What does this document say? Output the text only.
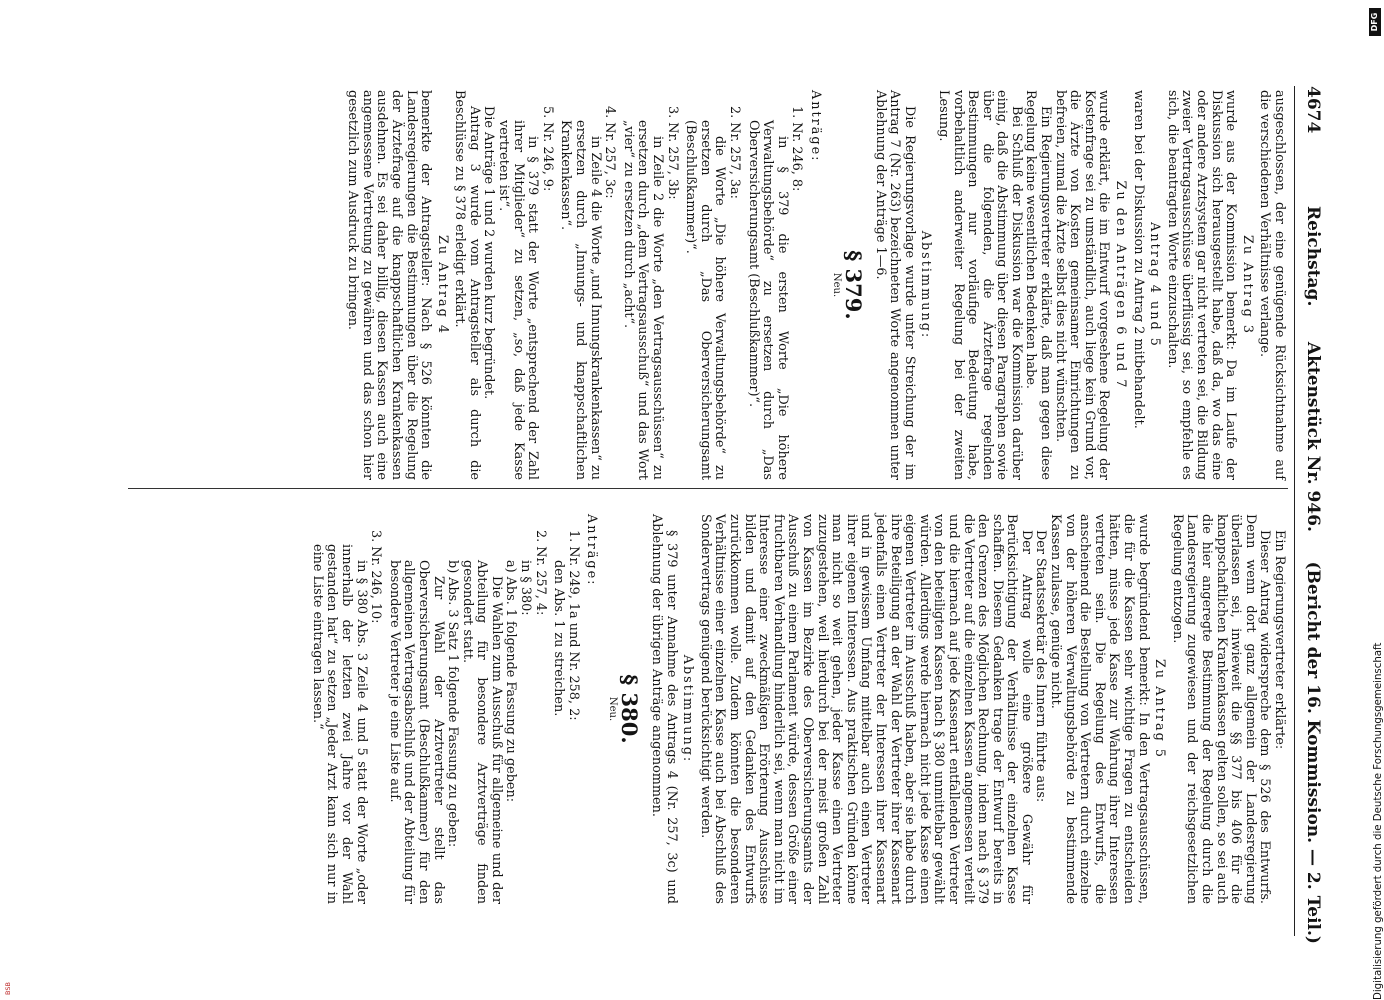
4674
Reichstag.      Aktenstück Nr. 946.     (Bericht der 16. Kommission. — 2. Teil.)

ausgeschlossen, der eine genügende Rücksichtnahme auf die verschiedenen Verhältnisse verlange.

Zu Antrag 3

wurde aus der Kommission bemerkt: Da im Laufe der Diskussion sich herausgestellt habe, daß da, wo das eine oder andere Arztsystem gar nicht vertreten sei, die Bildung zweier Vertragsausschüsse überflüssig sei, so empfehle es sich, die beantragten Worte einzuschalten.

Antrag 4 und 5

waren bei der Diskussion zu Antrag 2 mitbehandelt.

Zu den Anträgen 6 und 7

wurde erklärt, die im Entwurf vorgesehene Regelung der Kostenfrage sei zu umständlich, auch liege kein Grund vor, die Ärzte von Kosten gemeinsamer Einrichtungen zu befreien, zumal die Ärzte selbst dies nicht wünschten.

Ein Regierungsvertreter erklärte, daß man gegen diese Regelung keine wesentlichen Bedenken habe.

Bei Schluß der Diskussion war die Kommission darüber einig, daß die Abstimmung über diesen Paragraphen sowie über die folgenden, die Ärztefrage regelnden Bestimmungen nur vorläufige Bedeutung habe, vorbehaltlich anderweiter Regelung bei der zweiten Lesung.

Abstimmung:

Die Regierungsvorlage wurde unter Streichung der im Antrag 7 (Nr. 263) bezeichneten Worte angenommen unter Ablehnung der Anträge 1—6.

§ 379.
Neu.

Anträge:

1. Nr. 246, 8:

in § 379 die ersten Worte „Die höhere Verwaltungsbehörde“ zu ersetzen durch „Das Oberversicherungsamt (Beschlußkammer)“.

2. Nr. 257, 3a:

die Worte „Die höhere Verwaltungsbehörde“ zu ersetzen durch „Das Oberversicherungsamt (Beschlußkammer)“.

3. Nr. 257, 3b:

in Zeile 2 die Worte „den Vertragsausschüssen“ zu ersetzen durch „dem Vertragsausschuß“ und das Wort „vier“ zu ersetzen durch „acht“.

4. Nr. 257, 3c:

in Zeile 4 die Worte „und Innungskrankenkassen“ zu ersetzen durch „Innungs- und knappschaftlichen Krankenkassen“.

5. Nr. 246, 9:

in § 379 statt der Worte „entsprechend der Zahl ihrer Mitglieder“ zu setzen, „so, daß jede Kasse vertreten ist“.

Die Anträge 1 und 2 wurden kurz begründet.

Antrag 3 wurde vom Antragsteller als durch die Beschlüsse zu § 378 erledigt erklärt.

Zu Antrag 4

bemerkte der Antragsteller: Nach § 526 könnten die Landesregierungen die Bestimmungen über die Regelung der Ärztefrage auf die knappschaftlichen Krankenkassen ausdehnen. Es sei daher billig, diesen Kassen auch eine angemessene Vertretung zu gewähren und das schon hier gesetzlich zum Ausdruck zu bringen.

Ein Regierungsvertreter erklärte:

Dieser Antrag widerspreche dem § 526 des Entwurfs. Denn wenn dort ganz allgemein der Landesregierung überlassen sei, inwieweit die §§ 377 bis 406 für die knappschaftlichen Krankenkassen gelten sollen, so sei auch die hier angeregte Bestimmung der Regelung durch die Landesregierung zugewiesen und der reichsgesetzlichen Regelung entzogen.

Zu Antrag 5

wurde begründend bemerkt: In den Vertragsausschüssen, die für die Kassen sehr wichtige Fragen zu entscheiden hätten, müsse jede Kasse zur Wahrung ihrer Interessen vertreten sein. Die Regelung des Entwurfs, die anscheinend die Bestellung von Vertretern durch einzelne von der höheren Verwaltungsbehörde zu bestimmende Kassen zulasse, genüge nicht.

Der Staatssekretär des Innern führte aus:

Der Antrag wolle eine größere Gewähr für Berücksichtigung der Verhältnisse der einzelnen Kasse schaffen. Diesem Gedanken trage der Entwurf bereits in den Grenzen des Möglichen Rechnung, indem nach § 379 die Vertreter auf die einzelnen Kassen angemessen verteilt und die hiernach auf jede Kassenart entfallenden Vertreter von den beteiligten Kassen nach § 380 unmittelbar gewählt würden. Allerdings werde hiernach nicht jede Kasse einen eigenen Vertreter im Ausschuß haben, aber sie habe durch ihre Beteiligung an der Wahl der Vertreter ihrer Kassenart jedenfalls einen Vertreter der Interessen ihrer Kassenart und in gewissem Umfang mittelbar auch einen Vertreter ihrer eigenen Interessen. Aus praktischen Gründen könne man nicht so weit gehen, jeder Kasse einen Vertreter zuzugestehen, weil hierdurch bei der meist großen Zahl von Kassen im Bezirke des Oberversicherungsamts der Ausschuß zu einem Parlament würde, dessen Größe einer fruchtbaren Verhandlung hinderlich sei, wenn man nicht im Interesse einer zweckmäßigen Erörterung Ausschüsse bilden und damit auf den Gedanken des Entwurfs zurückkommen wolle. Zudem könnten die besonderen Verhältnisse einer einzelnen Kasse auch bei Abschluß des Sondervertrags genügend berücksichtigt werden.

Abstimmung:

§ 379 unter Annahme des Antrags 4 (Nr. 257, 3c) und Ablehnung der übrigen Anträge angenommen.

§ 380.
Neu.

Anträge:

1. Nr. 249, 1a und Nr. 258, 2:

den Abs. 1 zu streichen.

2. Nr. 257, 4:

in § 380:

a) Abs. 1 folgende Fassung zu geben:

Die Wahlen zum Ausschuß für allgemeine und der Abteilung für besondere Arztverträge finden gesondert statt.

b) Abs. 3 Satz 1 folgende Fassung zu geben:

Zur Wahl der Arztvertreter stellt das Oberversicherungsamt (Beschlußkammer) für den allgemeinen Vertragsabschluß und der Abteilung für besondere Vertreter je eine Liste auf.

3. Nr. 246, 10:

in § 380 Abs. 3 Zeile 4 und 5 statt der Worte „oder innerhalb der letzten zwei Jahre vor der Wahl gestanden hat“ zu setzen „Jeder Arzt kann sich nur in eine Liste eintragen lassen.“

DFG
Digitalisierung gefördert durch die Deutsche Forschungsgemeinschaft
BSB
